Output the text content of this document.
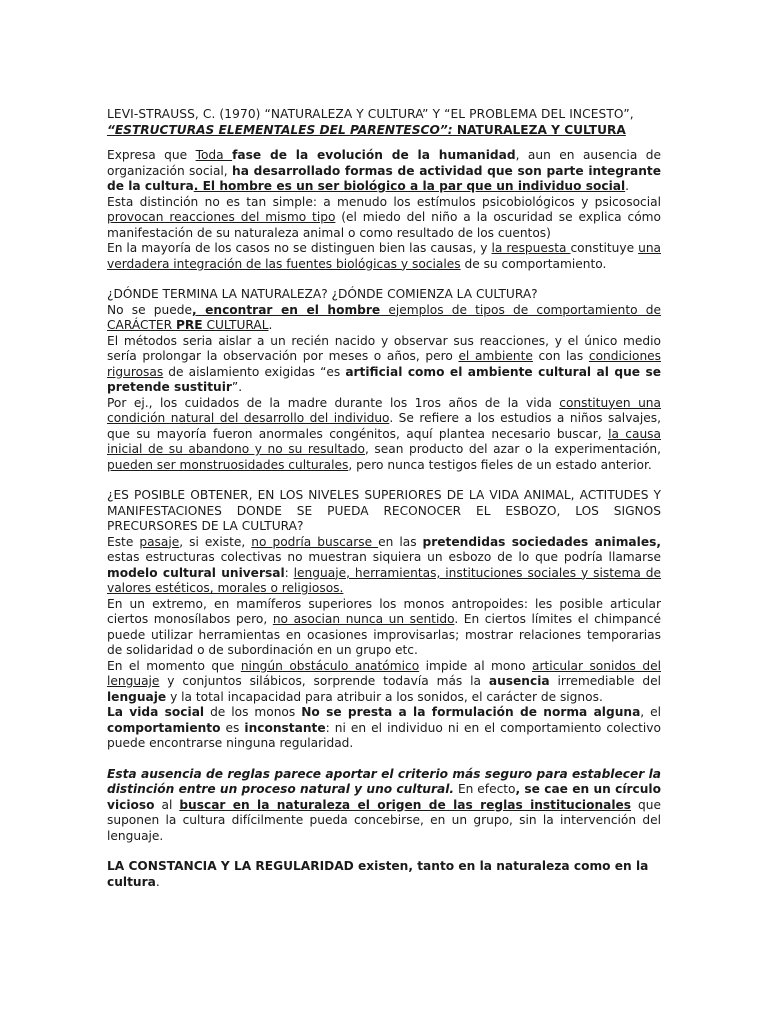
LEVI-STRAUSS, C. (1970) “NATURALEZA Y CULTURA” Y “EL PROBLEMA DEL INCESTO”,

“ESTRUCTURAS ELEMENTALES DEL PARENTESCO”: NATURALEZA Y CULTURA

Expresa que Toda fase de la evolución de la humanidad, aun en ausencia de organización social, ha desarrollado formas de actividad que son parte integrante de la cultura. El hombre es un ser biológico a la par que un individuo social.

Esta distinción no es tan simple: a menudo los estímulos psicobiológicos y psicosocial provocan reacciones del mismo tipo (el miedo del niño a la oscuridad se explica cómo manifestación de su naturaleza animal o como resultado de los cuentos)

En la mayoría de los casos no se distinguen bien las causas, y la respuesta constituye una verdadera integración de las fuentes biológicas y sociales de su comportamiento.

¿DÓNDE TERMINA LA NATURALEZA? ¿DÓNDE COMIENZA LA CULTURA?

No se puede, encontrar en el hombre ejemplos de tipos de comportamiento de CARÁCTER PRE CULTURAL.

El métodos seria aislar a un recién nacido y observar sus reacciones, y el único medio sería prolongar la observación por meses o años, pero el ambiente con las condiciones rigurosas de aislamiento exigidas “es artificial como el ambiente cultural al que se pretende sustituir”.

Por ej., los cuidados de la madre durante los 1ros años de la vida constituyen una condición natural del desarrollo del individuo. Se refiere a los estudios a niños salvajes, que su mayoría fueron anormales congénitos, aquí plantea necesario buscar, la causa inicial de su abandono y no su resultado, sean producto del azar o la experimentación, pueden ser monstruosidades culturales, pero nunca testigos fieles de un estado anterior.

¿ES POSIBLE OBTENER, EN LOS NIVELES SUPERIORES DE LA VIDA ANIMAL, ACTITUDES Y MANIFESTACIONES DONDE SE PUEDA RECONOCER EL ESBOZO, LOS SIGNOS PRECURSORES DE LA CULTURA?

Este pasaje, si existe, no podría buscarse en las pretendidas sociedades animales, estas estructuras colectivas no muestran siquiera un esbozo de lo que podría llamarse modelo cultural universal: lenguaje, herramientas, instituciones sociales y sistema de valores estéticos, morales o religiosos.

En un extremo, en mamíferos superiores los monos antropoides: les posible articular ciertos monosílabos pero, no asocian nunca un sentido. En ciertos límites el chimpancé puede utilizar herramientas en ocasiones improvisarlas; mostrar relaciones temporarias de solidaridad o de subordinación en un grupo etc.

En el momento que ningún obstáculo anatómico impide al mono articular sonidos del lenguaje y conjuntos silábicos, sorprende todavía más la ausencia irremediable del lenguaje y la total incapacidad para atribuir a los sonidos, el carácter de signos.

La vida social de los monos No se presta a la formulación de norma alguna, el comportamiento es inconstante: ni en el individuo ni en el comportamiento colectivo puede encontrarse ninguna regularidad.

Esta ausencia de reglas parece aportar el criterio más seguro para establecer la distinción entre un proceso natural y uno cultural. En efecto, se cae en un círculo vicioso al buscar en la naturaleza el origen de las reglas institucionales que suponen la cultura difícilmente pueda concebirse, en un grupo, sin la intervención del lenguaje.

LA CONSTANCIA Y LA REGULARIDAD existen, tanto en la naturaleza como en la cultura.
